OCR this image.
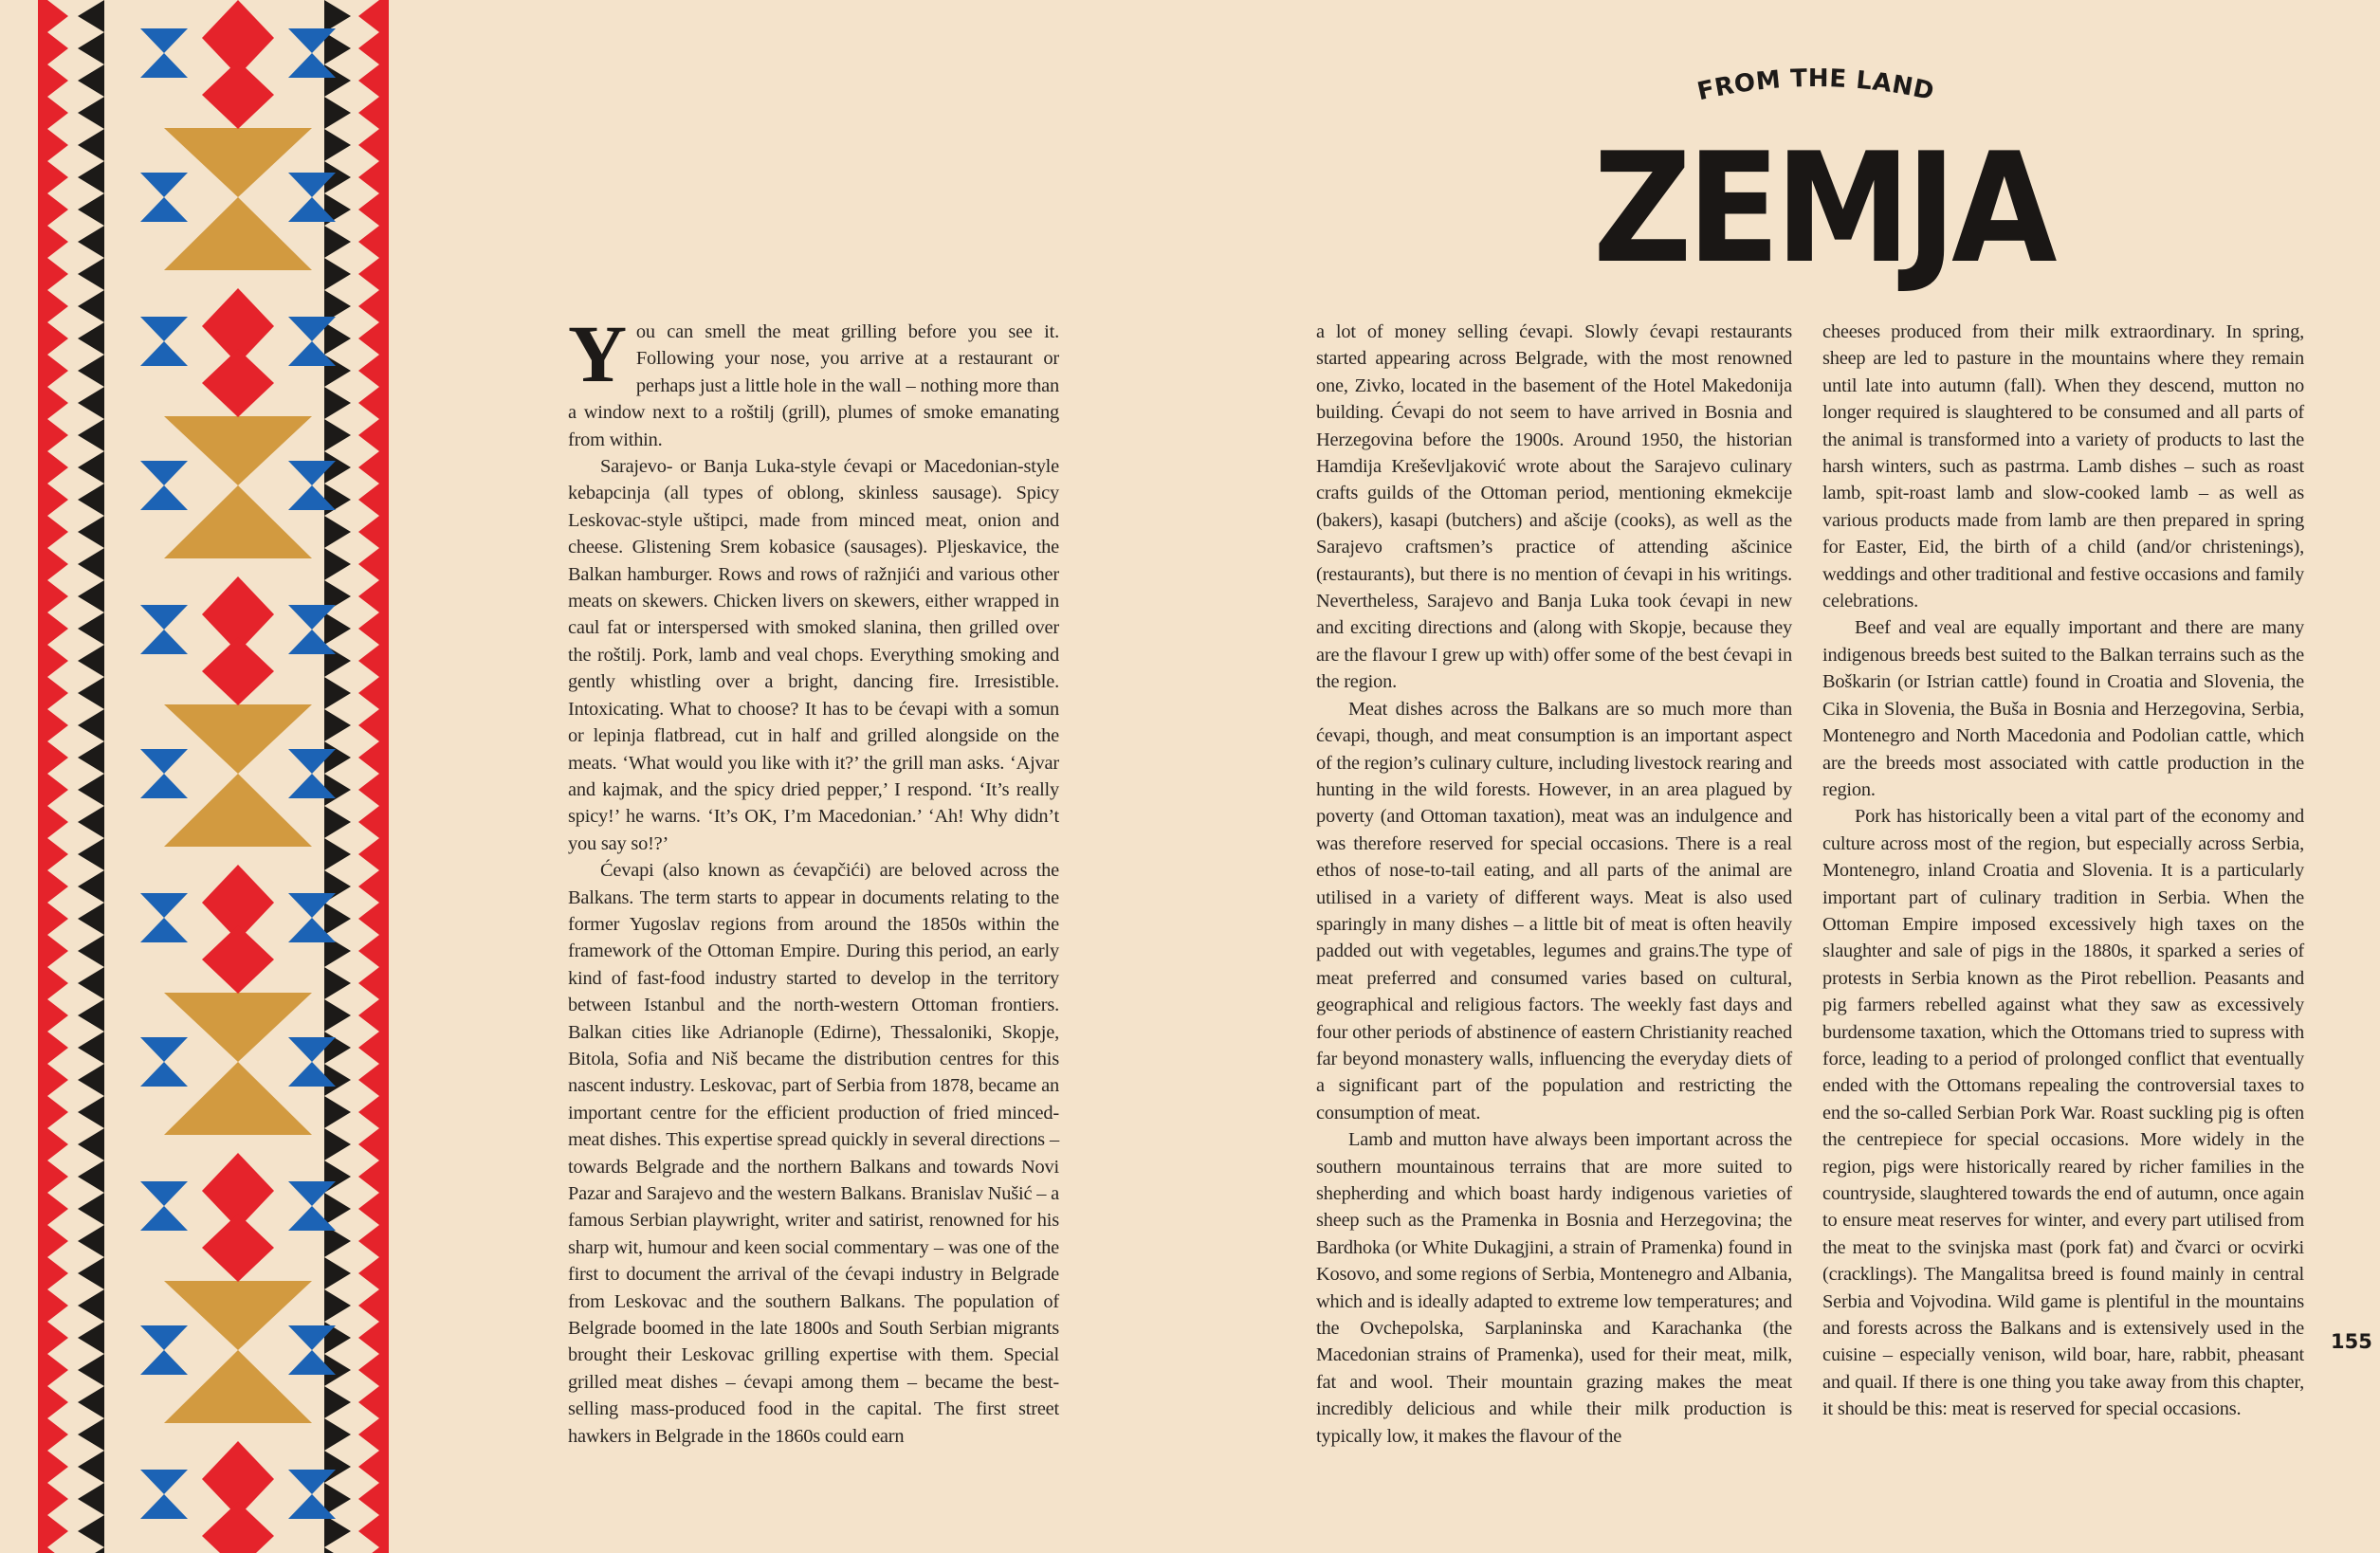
FROM THE LAND
ZEMJA

You can smell the meat grilling before you see it. Following your nose, you arrive at a restaurant or perhaps just a little hole in the wall – nothing more than a window next to a roštilj (grill), plumes of smoke emanating from within.

Sarajevo- or Banja Luka-style ćevapi or Macedonian-style kebapcinja (all types of oblong, skinless sausage). Spicy Leskovac-style uštipci, made from minced meat, onion and cheese. Glistening Srem kobasice (sausages). Pljeskavice, the Balkan hamburger. Rows and rows of ražnjići and various other meats on skewers. Chicken livers on skewers, either wrapped in caul fat or interspersed with smoked slanina, then grilled over the roštilj. Pork, lamb and veal chops. Everything smoking and gently whistling over a bright, dancing fire. Irresistible. Intoxicating. What to choose? It has to be ćevapi with a somun or lepinja flatbread, cut in half and grilled alongside on the meats. ‘What would you like with it?’ the grill man asks. ‘Ajvar and kajmak, and the spicy dried pepper,’ I respond. ‘It’s really spicy!’ he warns. ‘It’s OK, I’m Macedonian.’ ‘Ah! Why didn’t you say so!?’

Ćevapi (also known as ćevapčići) are beloved across the Balkans. The term starts to appear in documents relating to the former Yugoslav regions from around the 1850s within the framework of the Ottoman Empire. During this period, an early kind of fast-food industry started to develop in the territory between Istanbul and the north-western Ottoman frontiers. Balkan cities like Adrianople (Edirne), Thessaloniki, Skopje, Bitola, Sofia and Niš became the distribution centres for this nascent industry. Leskovac, part of Serbia from 1878, became an important centre for the efficient production of fried minced-meat dishes. This expertise spread quickly in several directions – towards Belgrade and the northern Balkans and towards Novi Pazar and Sarajevo and the western Balkans. Branislav Nušić – a famous Serbian playwright, writer and satirist, renowned for his sharp wit, humour and keen social commentary – was one of the first to document the arrival of the ćevapi industry in Belgrade from Leskovac and the southern Balkans. The population of Belgrade boomed in the late 1800s and South Serbian migrants brought their Leskovac grilling expertise with them. Special grilled meat dishes – ćevapi among them – became the best-selling mass-produced food in the capital. The first street hawkers in Belgrade in the 1860s could earn

a lot of money selling ćevapi. Slowly ćevapi restaurants started appearing across Belgrade, with the most renowned one, Zivko, located in the basement of the Hotel Makedonija building. Ćevapi do not seem to have arrived in Bosnia and Herzegovina before the 1900s. Around 1950, the historian Hamdija Kreševljaković wrote about the Sarajevo culinary crafts guilds of the Ottoman period, mentioning ekmekcije (bakers), kasapi (butchers) and ašcije (cooks), as well as the Sarajevo craftsmen’s practice of attending ašcinice (restaurants), but there is no mention of ćevapi in his writings. Nevertheless, Sarajevo and Banja Luka took ćevapi in new and exciting directions and (along with Skopje, because they are the flavour I grew up with) offer some of the best ćevapi in the region.

Meat dishes across the Balkans are so much more than ćevapi, though, and meat consumption is an important aspect of the region’s culinary culture, including livestock rearing and hunting in the wild forests. However, in an area plagued by poverty (and Ottoman taxation), meat was an indulgence and was therefore reserved for special occasions. There is a real ethos of nose-to-tail eating, and all parts of the animal are utilised in a variety of different ways. Meat is also used sparingly in many dishes – a little bit of meat is often heavily padded out with vegetables, legumes and grains.The type of meat preferred and consumed varies based on cultural, geographical and religious factors. The weekly fast days and four other periods of abstinence of eastern Christianity reached far beyond monastery walls, influencing the everyday diets of a significant part of the population and restricting the consumption of meat.

Lamb and mutton have always been important across the southern mountainous terrains that are more suited to shepherding and which boast hardy indigenous varieties of sheep such as the Pramenka in Bosnia and Herzegovina; the Bardhoka (or White Dukagjini, a strain of Pramenka) found in Kosovo, and some regions of Serbia, Montenegro and Albania, which and is ideally adapted to extreme low temperatures; and the Ovchepolska, Sarplaninska and Karachanka (the Macedonian strains of Pramenka), used for their meat, milk, fat and wool. Their mountain grazing makes the meat incredibly delicious and while their milk production is typically low, it makes the flavour of the

cheeses produced from their milk extraordinary. In spring, sheep are led to pasture in the mountains where they remain until late into autumn (fall). When they descend, mutton no longer required is slaughtered to be consumed and all parts of the animal is transformed into a variety of products to last the harsh winters, such as pastrma. Lamb dishes – such as roast lamb, spit-roast lamb and slow-cooked lamb – as well as various products made from lamb are then prepared in spring for Easter, Eid, the birth of a child (and/or christenings), weddings and other traditional and festive occasions and family celebrations.

Beef and veal are equally important and there are many indigenous breeds best suited to the Balkan terrains such as the Boškarin (or Istrian cattle) found in Croatia and Slovenia, the Cika in Slovenia, the Buša in Bosnia and Herzegovina, Serbia, Montenegro and North Macedonia and Podolian cattle, which are the breeds most associated with cattle production in the region.

Pork has historically been a vital part of the economy and culture across most of the region, but especially across Serbia, Montenegro, inland Croatia and Slovenia. It is a particularly important part of culinary tradition in Serbia. When the Ottoman Empire imposed excessively high taxes on the slaughter and sale of pigs in the 1880s, it sparked a series of protests in Serbia known as the Pirot rebellion. Peasants and pig farmers rebelled against what they saw as excessively burdensome taxation, which the Ottomans tried to supress with force, leading to a period of prolonged conflict that eventually ended with the Ottomans repealing the controversial taxes to end the so-called Serbian Pork War. Roast suckling pig is often the centrepiece for special occasions. More widely in the region, pigs were historically reared by richer families in the countryside, slaughtered towards the end of autumn, once again to ensure meat reserves for winter, and every part utilised from the meat to the svinjska mast (pork fat) and čvarci or ocvirki (cracklings). The Mangalitsa breed is found mainly in central Serbia and Vojvodina. Wild game is plentiful in the mountains and forests across the Balkans and is extensively used in the cuisine – especially venison, wild boar, hare, rabbit, pheasant and quail. If there is one thing you take away from this chapter, it should be this: meat is reserved for special occasions.

155
